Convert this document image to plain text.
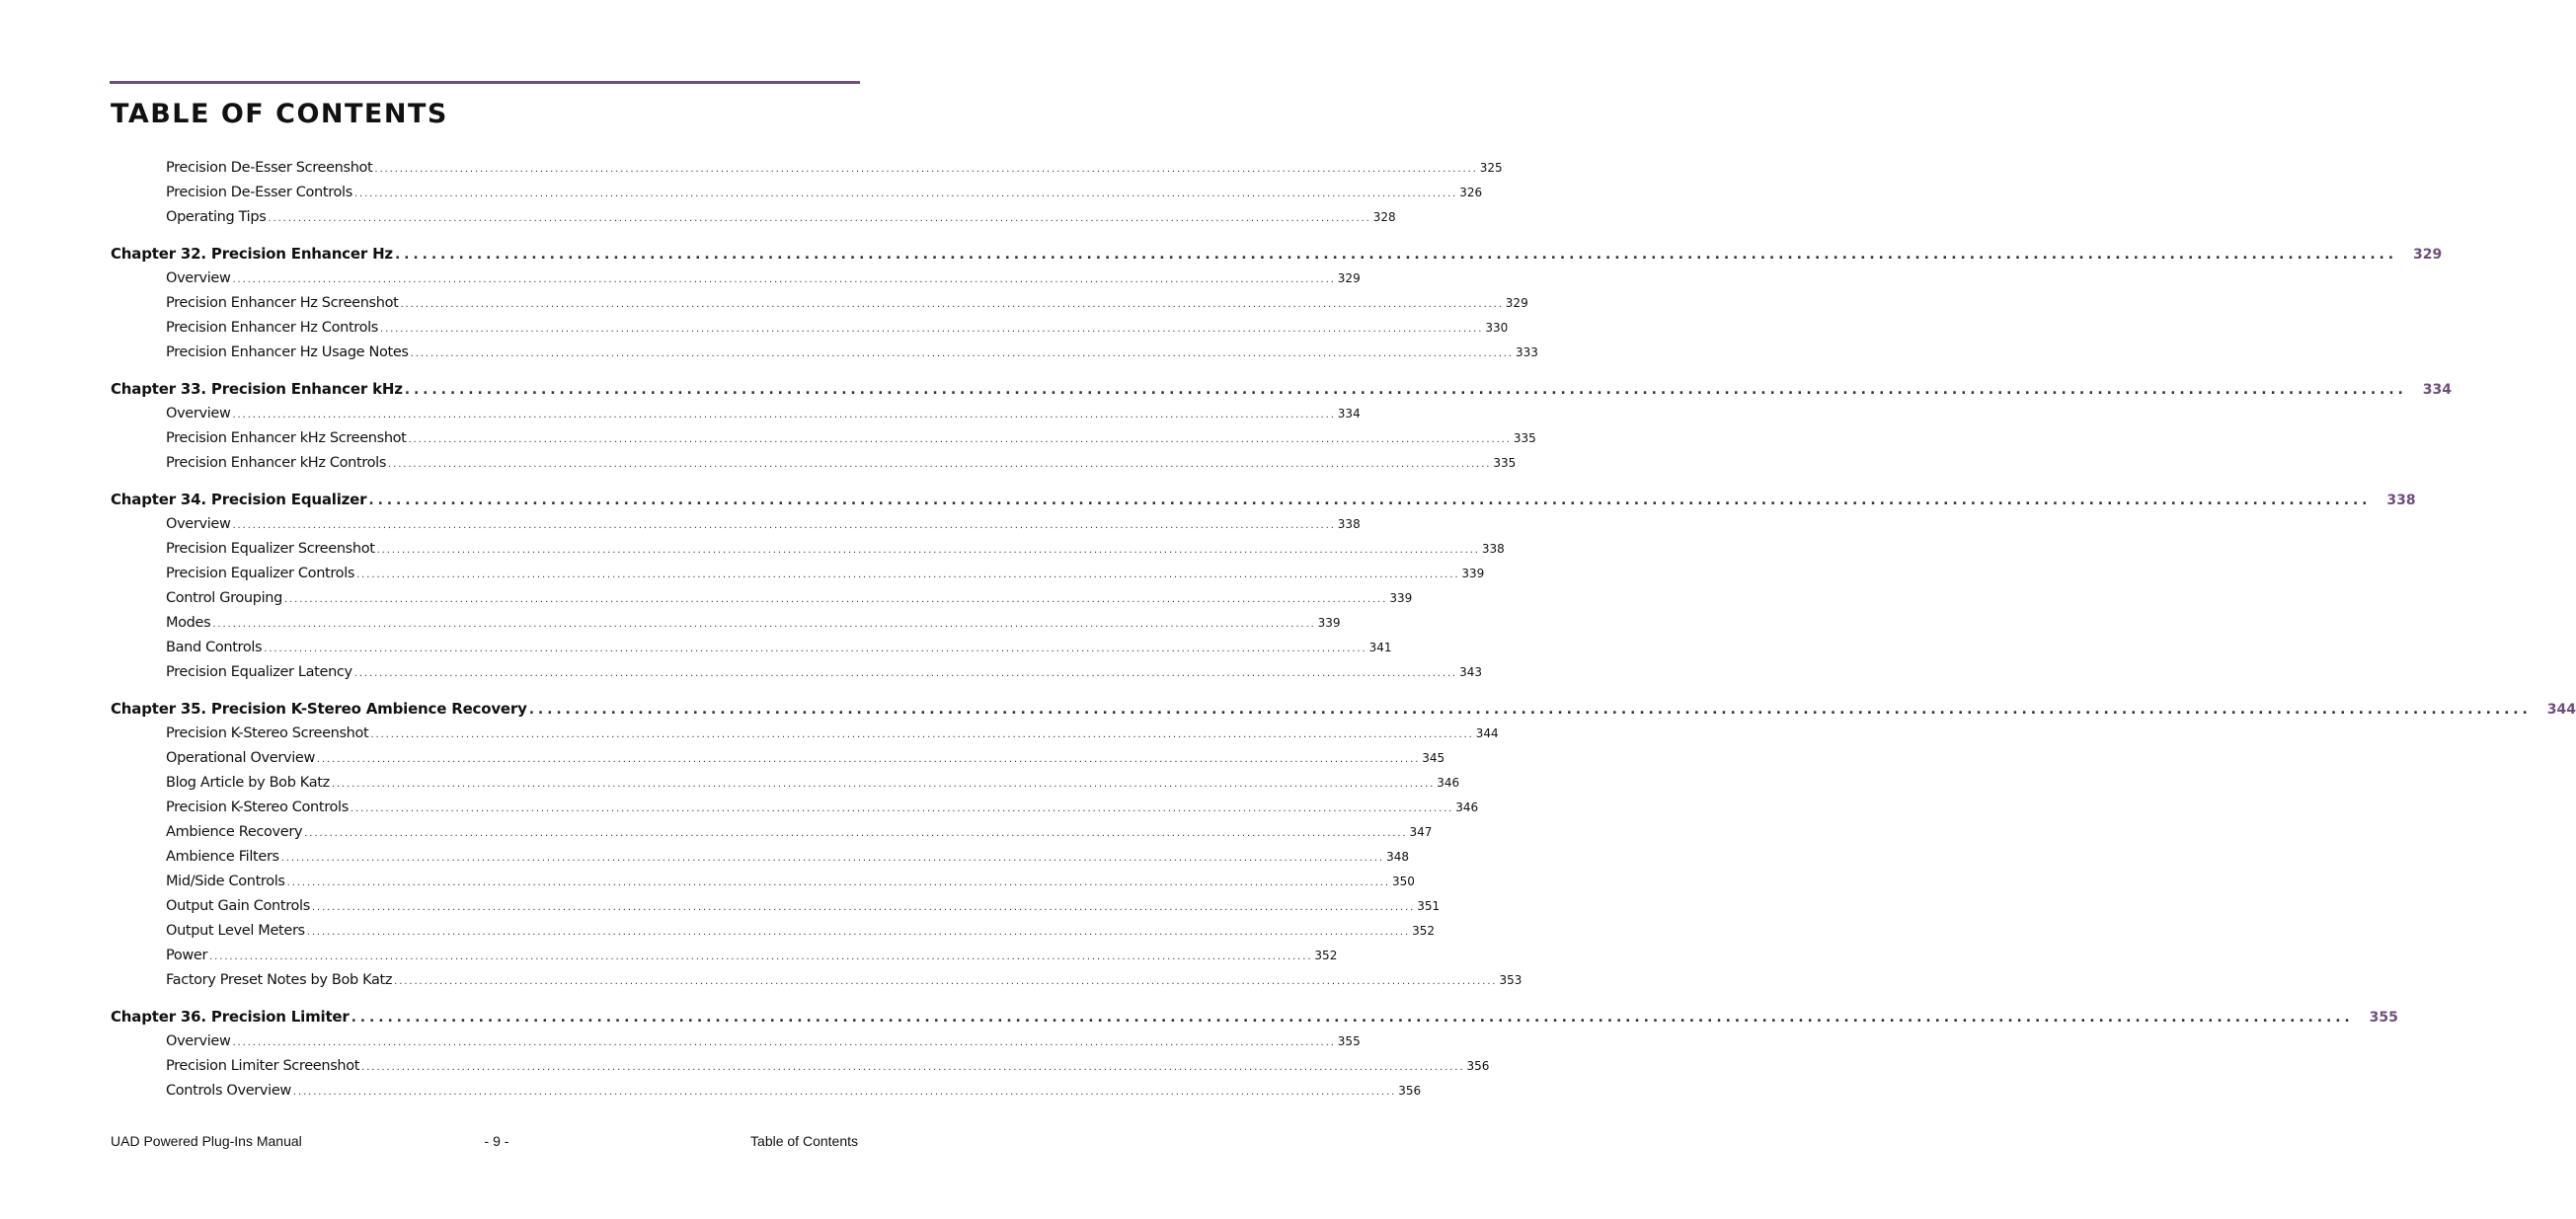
TABLE OF CONTENTS
Precision De-Esser Screenshot ............................................................................................................................................................................................................................ 325
Precision De-Esser Controls ............................................................................................................................................................................................................................ 326
Operating Tips ............................................................................................................................................................................................................................ 328
Chapter 32. Precision Enhancer Hz ............................................................................................................................................................................................................................ 329
Overview ............................................................................................................................................................................................................................ 329
Precision Enhancer Hz Screenshot ............................................................................................................................................................................................................................ 329
Precision Enhancer Hz Controls ............................................................................................................................................................................................................................ 330
Precision Enhancer Hz Usage Notes ............................................................................................................................................................................................................................ 333
Chapter 33. Precision Enhancer kHz ............................................................................................................................................................................................................................ 334
Overview ............................................................................................................................................................................................................................ 334
Precision Enhancer kHz Screenshot ............................................................................................................................................................................................................................ 335
Precision Enhancer kHz Controls ............................................................................................................................................................................................................................ 335
Chapter 34. Precision Equalizer ............................................................................................................................................................................................................................ 338
Overview ............................................................................................................................................................................................................................ 338
Precision Equalizer Screenshot ............................................................................................................................................................................................................................ 338
Precision Equalizer Controls ............................................................................................................................................................................................................................ 339
Control Grouping ............................................................................................................................................................................................................................ 339
Modes ............................................................................................................................................................................................................................ 339
Band Controls ............................................................................................................................................................................................................................ 341
Precision Equalizer Latency ............................................................................................................................................................................................................................ 343
Chapter 35. Precision K-Stereo Ambience Recovery ............................................................................................................................................................................................................................ 344
Precision K-Stereo Screenshot ............................................................................................................................................................................................................................ 344
Operational Overview ............................................................................................................................................................................................................................ 345
Blog Article by Bob Katz ............................................................................................................................................................................................................................ 346
Precision K-Stereo Controls ............................................................................................................................................................................................................................ 346
Ambience Recovery ............................................................................................................................................................................................................................ 347
Ambience Filters ............................................................................................................................................................................................................................ 348
Mid/Side Controls ............................................................................................................................................................................................................................ 350
Output Gain Controls ............................................................................................................................................................................................................................ 351
Output Level Meters ............................................................................................................................................................................................................................ 352
Power ............................................................................................................................................................................................................................ 352
Factory Preset Notes by Bob Katz ............................................................................................................................................................................................................................ 353
Chapter 36. Precision Limiter ............................................................................................................................................................................................................................ 355
Overview ............................................................................................................................................................................................................................ 355
Precision Limiter Screenshot ............................................................................................................................................................................................................................ 356
Controls Overview ............................................................................................................................................................................................................................ 356
UAD Powered Plug-Ins Manual	- 9 -	Table of Contents
